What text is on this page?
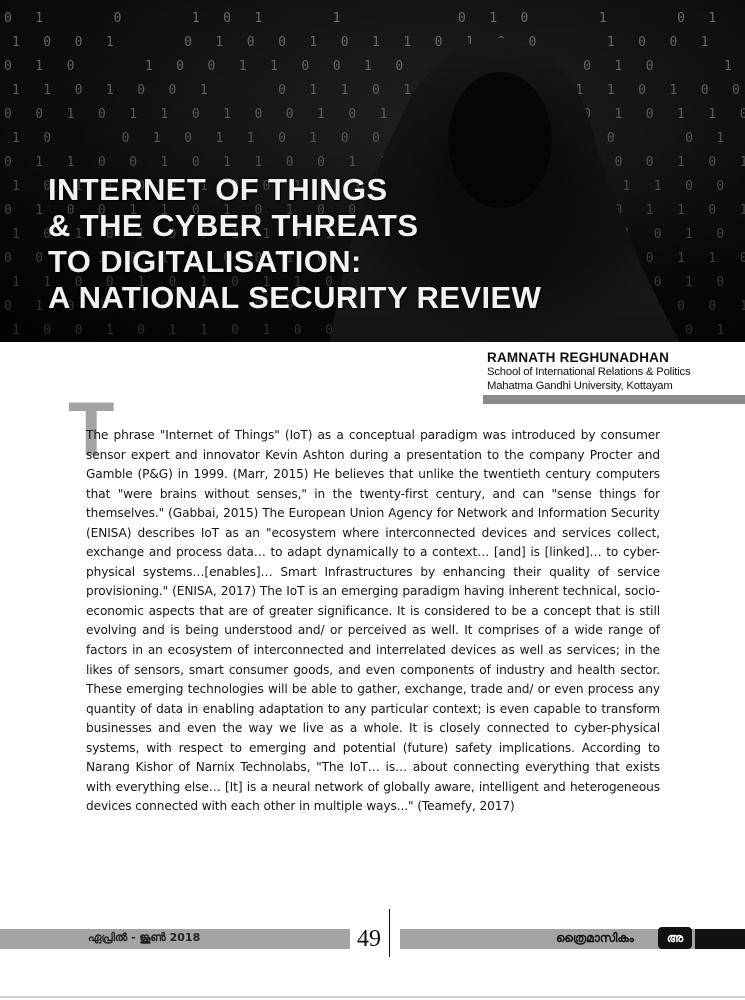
INTERNET OF THINGS
& THE CYBER THREATS
TO DIGITALISATION:
A NATIONAL SECURITY REVIEW
RAMNATH REGHUNADHAN
School of International Relations & Politics
Mahatma Gandhi University, Kottayam
T

The phrase "Internet of Things" (IoT) as a conceptual paradigm was introduced by consumer sensor expert and innovator Kevin Ashton during a presentation to the company Procter and Gamble (P&G) in 1999. (Marr, 2015) He believes that unlike the twentieth century computers that "were brains without senses," in the twenty-first century, and can "sense things for themselves." (Gabbai, 2015) The European Union Agency for Network and Information Security (ENISA) describes IoT as an "ecosystem where interconnected devices and services collect, exchange and process data… to adapt dynamically to a context… [and] is [linked]… to cyber-physical systems…[enables]… Smart Infrastructures by enhancing their quality of service provisioning." (ENISA, 2017) The IoT is an emerging paradigm having inherent technical, socio-economic aspects that are of greater significance. It is considered to be a concept that is still evolving and is being understood and/ or perceived as well. It comprises of a wide range of factors in an ecosystem of interconnected and interrelated devices as well as services; in the likes of sensors, smart consumer goods, and even components of industry and health sector. These emerging technologies will be able to gather, exchange, trade and/ or even process any quantity of data in enabling adaptation to any particular context; is even capable to transform businesses and even the way we live as a whole. It is closely connected to cyber-physical systems, with respect to emerging and potential (future) safety implications. According to Narang Kishor of Narnix Technolabs, "The IoT… is… about connecting everything that exists with everything else… [It] is a neural network of globally aware, intelligent and heterogeneous devices connected with each other in multiple ways..." (Teamefy, 2017)

ഏപ്രിൽ - ജൂൺ 2018	49	ത്രൈമാസികം	അ
